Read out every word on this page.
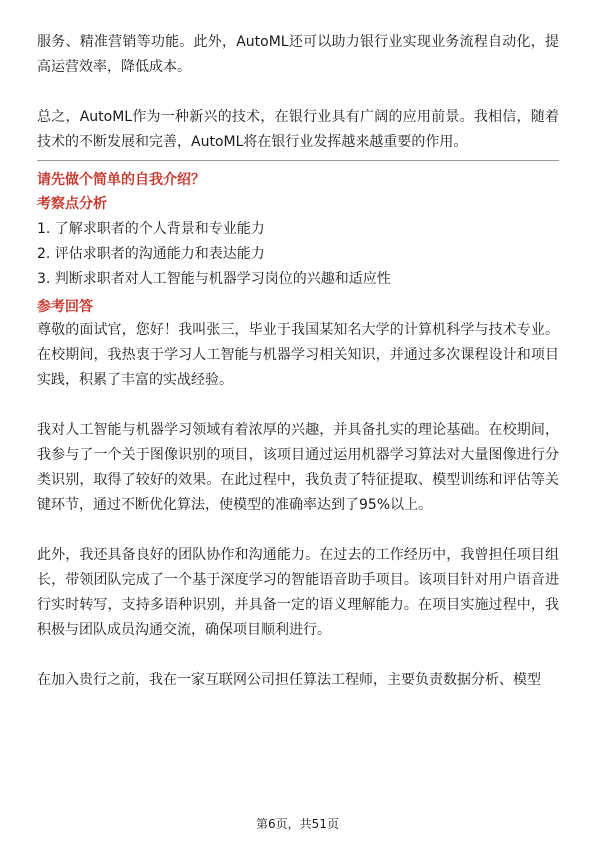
服务、精准营销等功能。此外，AutoML还可以助力银行业实现业务流程自动化，提高运营效率，降低成本。

总之，AutoML作为一种新兴的技术，在银行业具有广阔的应用前景。我相信，随着技术的不断发展和完善，AutoML将在银行业发挥越来越重要的作用。

请先做个简单的自我介绍？
考察点分析
1. 了解求职者的个人背景和专业能力
2. 评估求职者的沟通能力和表达能力
3. 判断求职者对人工智能与机器学习岗位的兴趣和适应性
参考回答

尊敬的面试官，您好！我叫张三，毕业于我国某知名大学的计算机科学与技术专业。在校期间，我热衷于学习人工智能与机器学习相关知识，并通过多次课程设计和项目实践，积累了丰富的实战经验。

我对人工智能与机器学习领域有着浓厚的兴趣，并具备扎实的理论基础。在校期间，我参与了一个关于图像识别的项目，该项目通过运用机器学习算法对大量图像进行分类识别，取得了较好的效果。在此过程中，我负责了特征提取、模型训练和评估等关键环节，通过不断优化算法，使模型的准确率达到了95%以上。

此外，我还具备良好的团队协作和沟通能力。在过去的工作经历中，我曾担任项目组长，带领团队完成了一个基于深度学习的智能语音助手项目。该项目针对用户语音进行实时转写，支持多语种识别，并具备一定的语义理解能力。在项目实施过程中，我积极与团队成员沟通交流，确保项目顺利进行。

在加入贵行之前，我在一家互联网公司担任算法工程师，主要负责数据分析、模型

第6页，共51页
